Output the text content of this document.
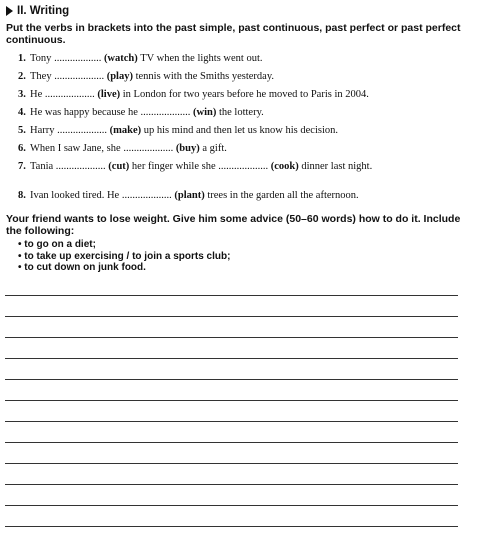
II. Writing
Put the verbs in brackets into the past simple, past continuous, past perfect or past perfect continuous.
1. Tony .................. (watch) TV when the lights went out.
2. They ................... (play) tennis with the Smiths yesterday.
3. He ................... (live) in London for two years before he moved to Paris in 2004.
4. He was happy because he ................... (win) the lottery.
5. Harry ................... (make) up his mind and then let us know his decision.
6. When I saw Jane, she ................... (buy) a gift.
7. Tania ................... (cut) her finger while she ................... (cook) dinner last night.
8. Ivan looked tired. He ................... (plant) trees in the garden all the afternoon.
Your friend wants to lose weight. Give him some advice (50–60 words) how to do it. Include the following:
• to go on a diet;
• to take up exercising / to join a sports club;
• to cut down on junk food.
